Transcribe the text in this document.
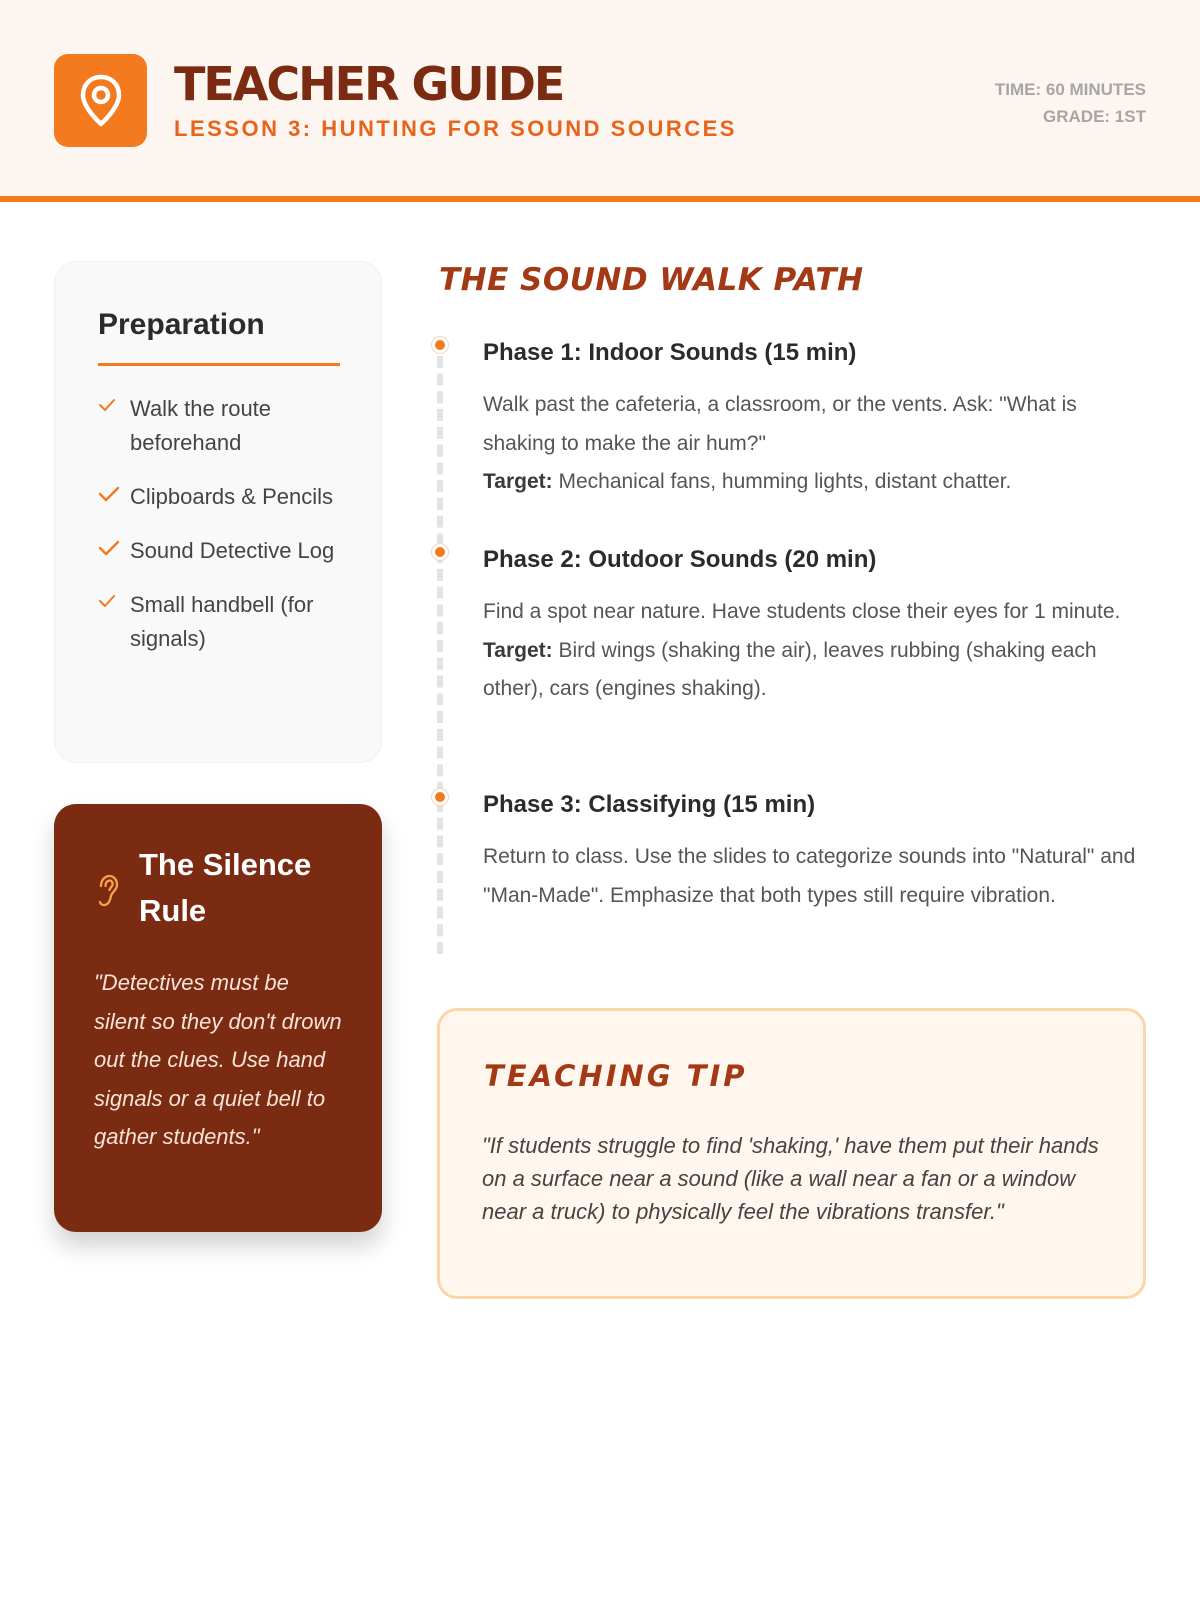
TEACHER GUIDE
LESSON 3: HUNTING FOR SOUND SOURCES
TIME: 60 MINUTES
GRADE: 1ST
Preparation
Walk the route beforehand
Clipboards & Pencils
Sound Detective Log
Small handbell (for signals)
The Silence Rule
"Detectives must be silent so they don't drown out the clues. Use hand signals or a quiet bell to gather students."
THE SOUND WALK PATH
Phase 1: Indoor Sounds (15 min)
Walk past the cafeteria, a classroom, or the vents. Ask: "What is shaking to make the air hum?"
Target: Mechanical fans, humming lights, distant chatter.
Phase 2: Outdoor Sounds (20 min)
Find a spot near nature. Have students close their eyes for 1 minute.
Target: Bird wings (shaking the air), leaves rubbing (shaking each other), cars (engines shaking).
Phase 3: Classifying (15 min)
Return to class. Use the slides to categorize sounds into "Natural" and "Man-Made". Emphasize that both types still require vibration.
TEACHING TIP
"If students struggle to find 'shaking,' have them put their hands on a surface near a sound (like a wall near a fan or a window near a truck) to physically feel the vibrations transfer."
